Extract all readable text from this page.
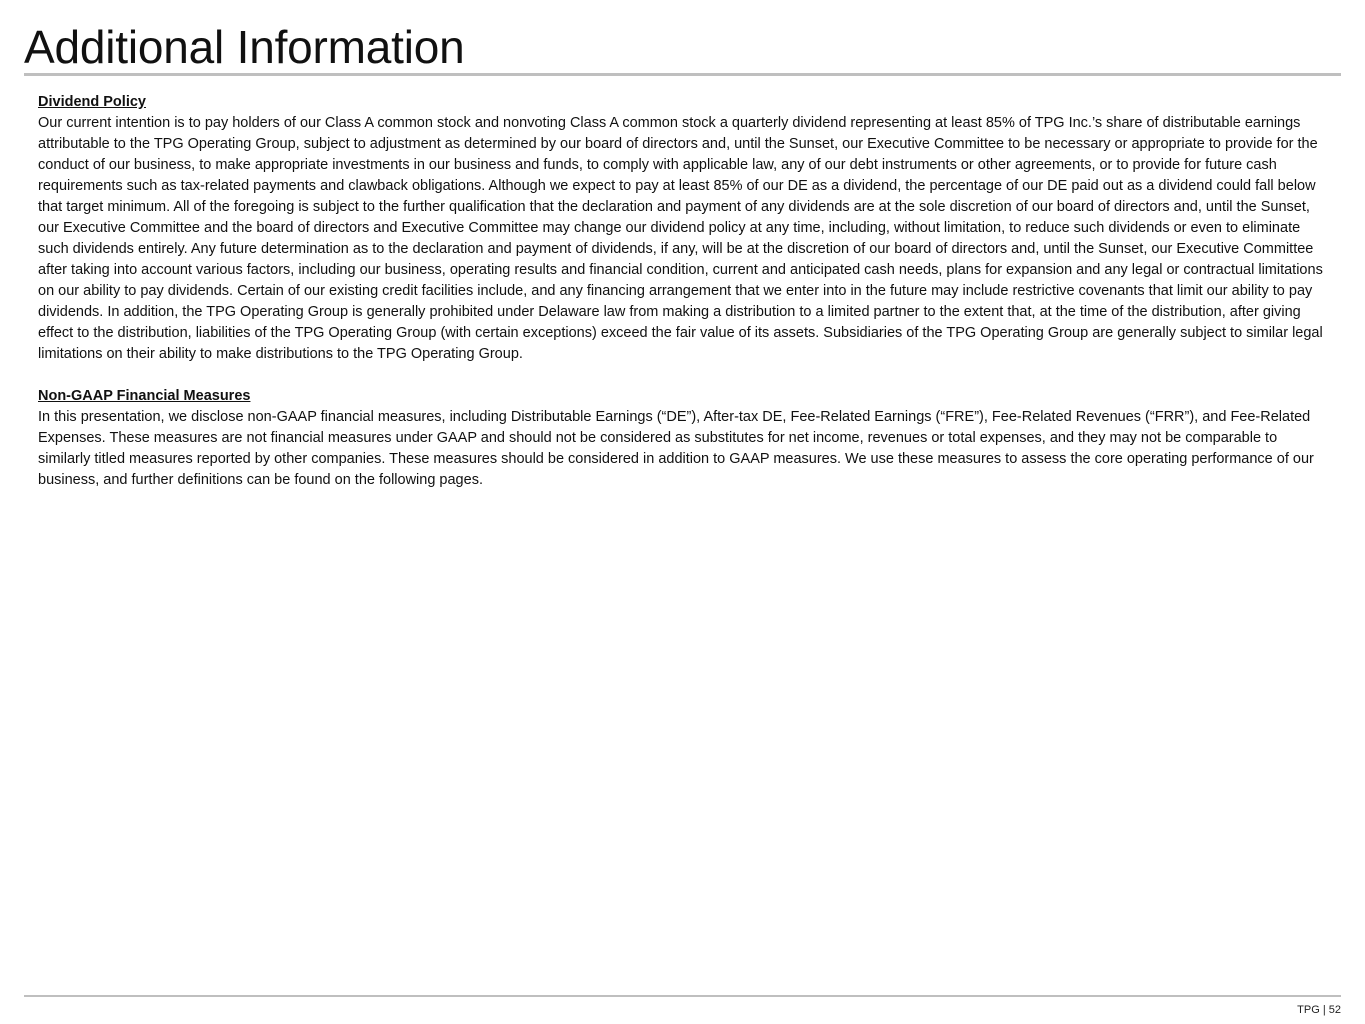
Additional Information

Dividend Policy

Our current intention is to pay holders of our Class A common stock and nonvoting Class A common stock a quarterly dividend representing at least 85% of TPG Inc.’s share of distributable earnings attributable to the TPG Operating Group, subject to adjustment as determined by our board of directors and, until the Sunset, our Executive Committee to be necessary or appropriate to provide for the conduct of our business, to make appropriate investments in our business and funds, to comply with applicable law, any of our debt instruments or other agreements, or to provide for future cash requirements such as tax-related payments and clawback obligations. Although we expect to pay at least 85% of our DE as a dividend, the percentage of our DE paid out as a dividend could fall below that target minimum. All of the foregoing is subject to the further qualification that the declaration and payment of any dividends are at the sole discretion of our board of directors and, until the Sunset, our Executive Committee and the board of directors and Executive Committee may change our dividend policy at any time, including, without limitation, to reduce such dividends or even to eliminate such dividends entirely. Any future determination as to the declaration and payment of dividends, if any, will be at the discretion of our board of directors and, until the Sunset, our Executive Committee after taking into account various factors, including our business, operating results and financial condition, current and anticipated cash needs, plans for expansion and any legal or contractual limitations on our ability to pay dividends. Certain of our existing credit facilities include, and any financing arrangement that we enter into in the future may include restrictive covenants that limit our ability to pay dividends. In addition, the TPG Operating Group is generally prohibited under Delaware law from making a distribution to a limited partner to the extent that, at the time of the distribution, after giving effect to the distribution, liabilities of the TPG Operating Group (with certain exceptions) exceed the fair value of its assets. Subsidiaries of the TPG Operating Group are generally subject to similar legal limitations on their ability to make distributions to the TPG Operating Group.

Non-GAAP Financial Measures

In this presentation, we disclose non-GAAP financial measures, including Distributable Earnings (“DE”), After-tax DE, Fee-Related Earnings (“FRE”), Fee-Related Revenues (“FRR”), and Fee-Related Expenses. These measures are not financial measures under GAAP and should not be considered as substitutes for net income, revenues or total expenses, and they may not be comparable to similarly titled measures reported by other companies. These measures should be considered in addition to GAAP measures. We use these measures to assess the core operating performance of our business, and further definitions can be found on the following pages.

TPG | 52
